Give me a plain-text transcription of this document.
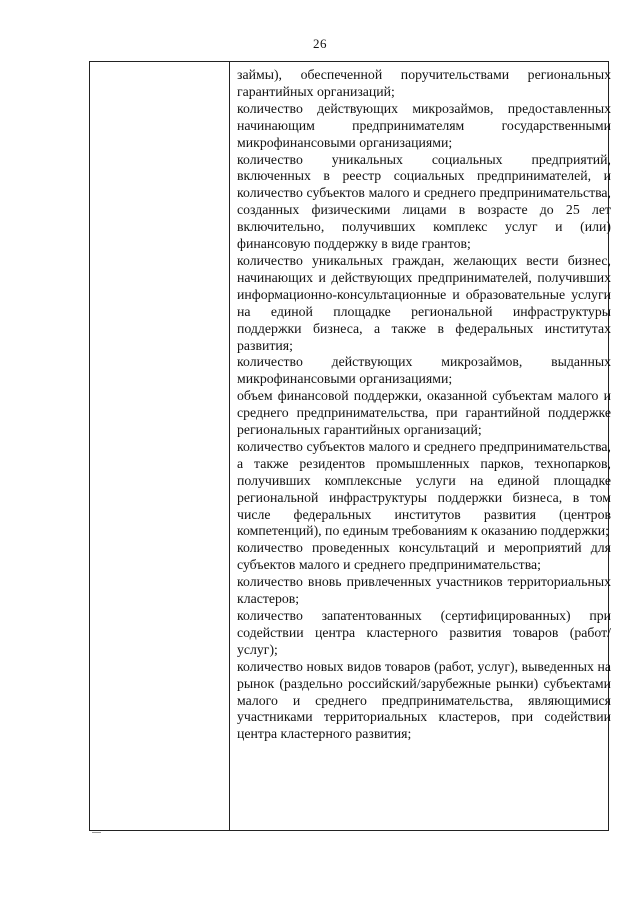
26
займы), обеспеченной поручительствами региональных гарантийных организаций;
количество действующих микрозаймов, предоставленных начинающим предпринимателям государственными микрофинансовыми организациями;
количество уникальных социальных предприятий, включенных в реестр социальных предпринимателей, и количество субъектов малого и среднего предпринимательства, созданных физическими лицами в возрасте до 25 лет включительно, получивших комплекс услуг и (или) финансовую поддержку в виде грантов;
количество уникальных граждан, желающих вести бизнес, начинающих и действующих предпринимателей, получивших информационно-консультационные и образовательные услуги на единой площадке региональной инфраструктуры поддержки бизнеса, а также в федеральных институтах развития;
количество действующих микрозаймов, выданных микрофинансовыми организациями;
объем финансовой поддержки, оказанной субъектам малого и среднего предпринимательства, при гарантийной поддержке региональных гарантийных организаций;
количество субъектов малого и среднего предпринимательства, а также резидентов промышленных парков, технопарков, получивших комплексные услуги на единой площадке региональной инфраструктуры поддержки бизнеса, в том числе федеральных институтов развития (центров компетенций), по единым требованиям к оказанию поддержки;
количество проведенных консультаций и мероприятий для субъектов малого и среднего предпринимательства;
количество вновь привлеченных участников территориальных кластеров;
количество запатентованных (сертифицированных) при содействии центра кластерного развития товаров (работ/услуг);
количество новых видов товаров (работ, услуг), выведенных на рынок (раздельно российский/зарубежные рынки) субъектами малого и среднего предпринимательства, являющимися участниками территориальных кластеров, при содействии центра кластерного развития;
